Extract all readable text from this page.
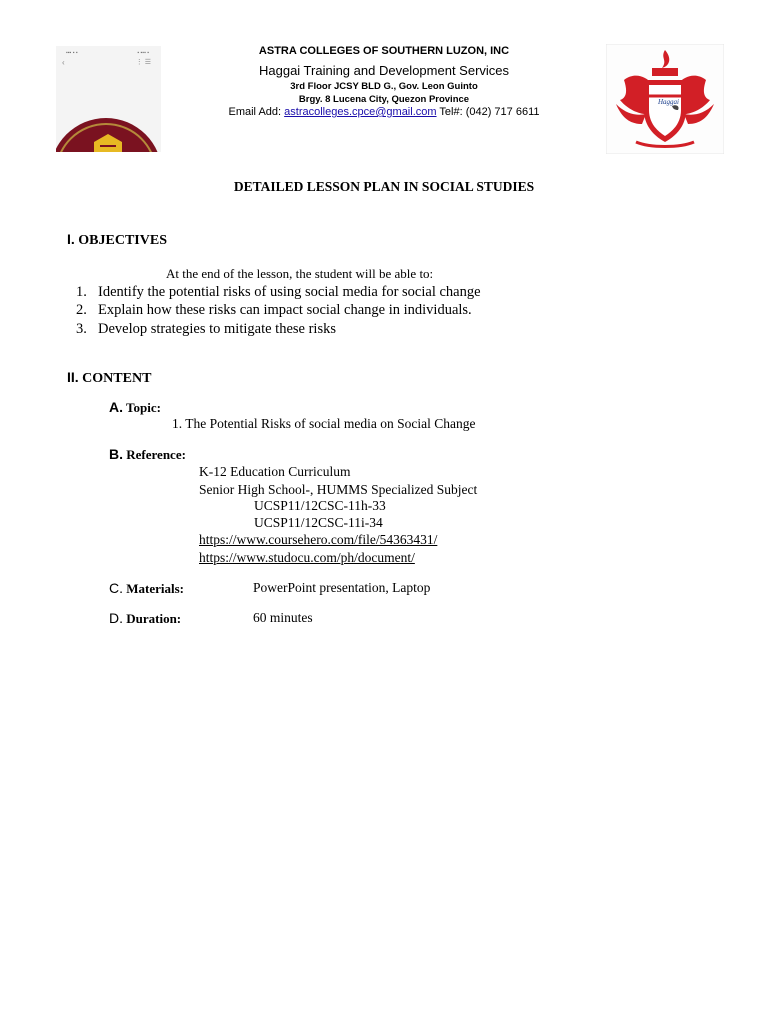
▪▪▪ ▪ ▪	▪ ▪▪▪ ▪
‹	⋮ ☰
ASTRA COLLEGES OF SOUTHERN LUZON, INC
Haggai Training and Development Services
3rd Floor JCSY BLD G., Gov. Leon Guinto
Brgy. 8 Lucena City, Quezon Province
Email Add: astracolleges.cpce@gmail.com Tel#: (042) 717 6611
Haggai
DETAILED LESSON PLAN IN SOCIAL STUDIES
I. OBJECTIVES
At the end of the lesson, the student will be able to:
1. Identify the potential risks of using social media for social change
2. Explain how these risks can impact social change in individuals.
3. Develop strategies to mitigate these risks
II. CONTENT
A. Topic:
1. The Potential Risks of social media on Social Change
B. Reference:
K-12 Education Curriculum
Senior High School-, HUMMS Specialized Subject
UCSP11/12CSC-11h-33
UCSP11/12CSC-11i-34
https://www.coursehero.com/file/54363431/
https://www.studocu.com/ph/document/
C. Materials:	PowerPoint presentation, Laptop
D. Duration:	60 minutes
